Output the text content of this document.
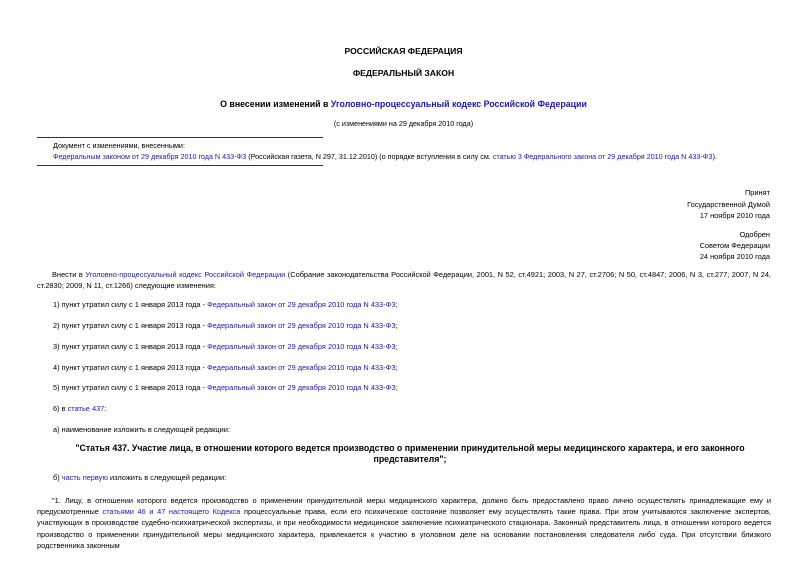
РОССИЙСКАЯ ФЕДЕРАЦИЯ
ФЕДЕРАЛЬНЫЙ ЗАКОН
О внесении изменений в Уголовно-процессуальный кодекс Российской Федерации
(с изменениями на 29 декабря 2010 года)
Документ с изменениями, внесенными:
Федеральным законом от 29 декабря 2010 года N 433-ФЗ (Российская газета, N 297, 31.12.2010) (о порядке вступления в силу см. статью 3 Федерального закона от 29 декабря 2010 года N 433-ФЗ).
Принят
Государственной Думой
17 ноября 2010 года
Одобрен
Советом Федерации
24 ноября 2010 года
Внести в Уголовно-процессуальный кодекс Российской Федерации (Собрание законодательства Российской Федерации, 2001, N 52, ст.4921; 2003, N 27, ст.2706; N 50, ст.4847; 2006, N 3, ст.277; 2007, N 24, ст.2830; 2009, N 11, ст.1266) следующие изменения:
1) пункт утратил силу с 1 января 2013 года - Федеральный закон от 29 декабря 2010 года N 433-ФЗ;
2) пункт утратил силу с 1 января 2013 года - Федеральный закон от 29 декабря 2010 года N 433-ФЗ;
3) пункт утратил силу с 1 января 2013 года - Федеральный закон от 29 декабря 2010 года N 433-ФЗ;
4) пункт утратил силу с 1 января 2013 года - Федеральный закон от 29 декабря 2010 года N 433-ФЗ;
5) пункт утратил силу с 1 января 2013 года - Федеральный закон от 29 декабря 2010 года N 433-ФЗ;
6) в статье 437:
а) наименование изложить в следующей редакции:
"Статья 437. Участие лица, в отношении которого ведется производство о применении принудительной меры медицинского характера, и его законного представителя";
б) часть первую изложить в следующей редакции:
"1. Лицу, в отношении которого ведется производство о применении принудительной меры медицинского характера, должно быть предоставлено право лично осуществлять принадлежащие ему и предусмотренные статьями 46 и 47 настоящего Кодекса процессуальные права, если его психическое состояние позволяет ему осуществлять такие права. При этом учитываются заключение экспертов, участвующих в производстве судебно-психиатрической экспертизы, и при необходимости медицинское заключение психиатрического стационара. Законный представитель лица, в отношении которого ведется производство о применении принудительной меры медицинского характера, привлекается к участию в уголовном деле на основании постановления следователя либо суда. При отсутствии близкого родственника законным
